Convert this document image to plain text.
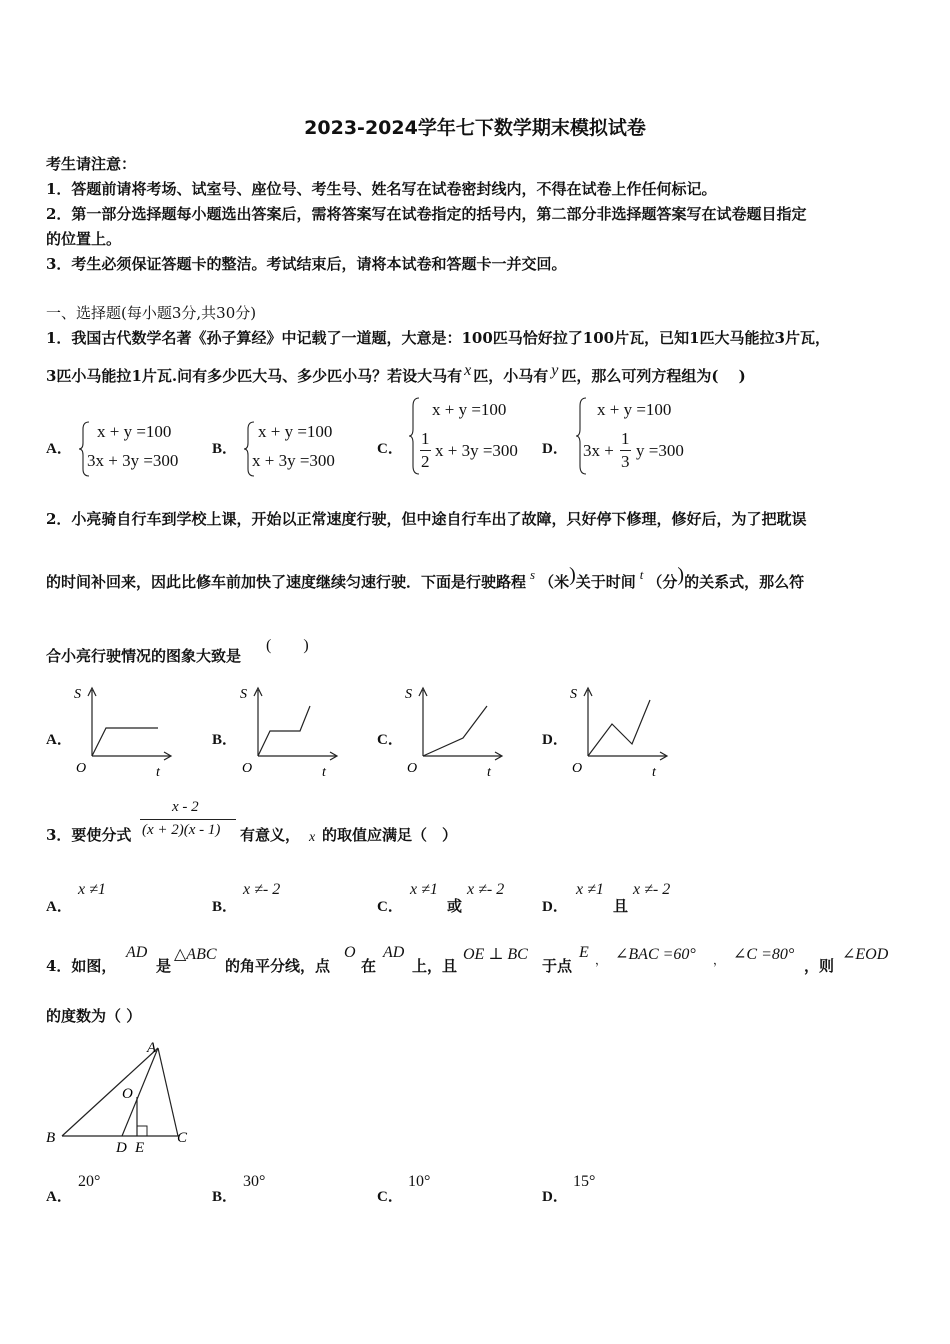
2023-2024学年七下数学期末模拟试卷
考生请注意：
1．答题前请将考场、试室号、座位号、考生号、姓名写在试卷密封线内，不得在试卷上作任何标记。
2．第一部分选择题每小题选出答案后，需将答案写在试卷指定的括号内，第二部分非选择题答案写在试卷题目指定
的位置上。
3．考生必须保证答题卡的整洁。考试结束后，请将本试卷和答题卡一并交回。
一、选择题(每小题3分,共30分)
1．我国古代数学名著《孙子算经》中记载了一道题，大意是：100匹马恰好拉了100片瓦，已知1匹大马能拉3片瓦，
3匹小马能拉1片瓦.问有多少匹大马、多少匹小马？若设大马有 x 匹，小马有 y 匹，那么可列方程组为(　 )
A．
x + y =100
3x + 3y =300
B．
x + y =100
x + 3y =300
C．
x + y =100
1
2
x + 3y =300 D．
x + y =100
3x +
1
3
y =300
2．小亮骑自行车到学校上课，开始以正常速度行驶，但中途自行车出了故障，只好停下修理，修好后，为了把耽误
的时间补回来，因此比修车前加快了速度继续匀速行驶．下面是行驶路程 s （米)关于时间 t （分)的关系式，那么符
合小亮行驶情况的图象大致是
(　　)
A．	B．	C．	D．
S
O	t
S
O	t
S
O	t
S
O	t
3．要使分式
x - 2
(x + 2)(x - 1) 有意义， x 的取值应满足（　）
A．
x ≠1
B．
x ≠- 2
C．
x ≠1
或
x ≠- 2
D．
x ≠1
且
x ≠- 2
4．如图，
AD
是
△ABC
的角平分线，点
O
在
AD
上，且
OE ⊥ BC
于点
E ， ∠BAC =60° ， ∠C =80°
，则
∠EOD
的度数为（ ）
A
O
B
D E
C
A．
20°
B．
30°
C．
10°
D．
15°
